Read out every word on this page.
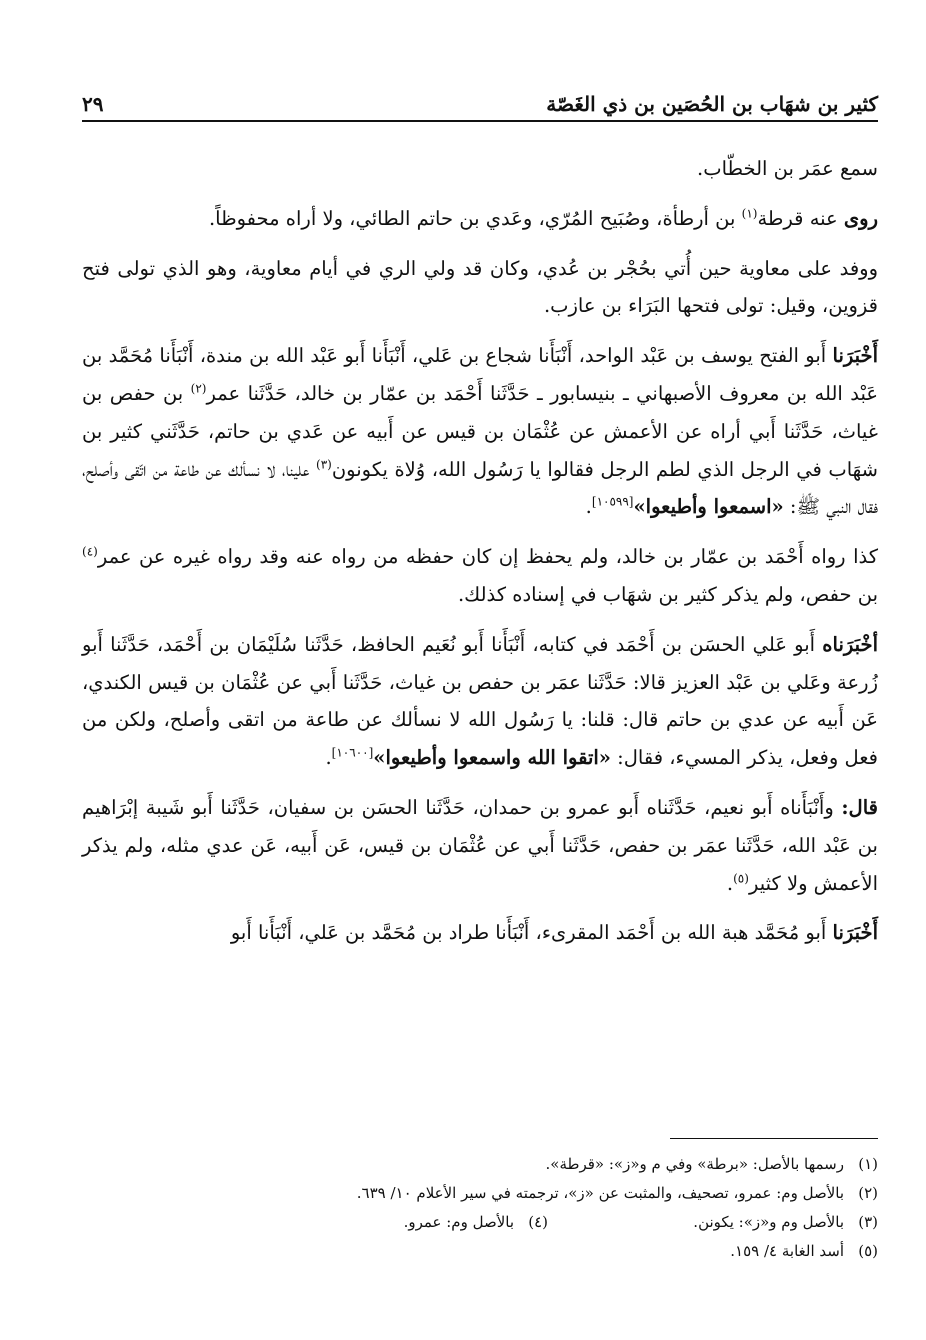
كثير بن شهَاب بن الحُصَين بن ذي الغَصّة
٢٩

سمع عمَر بن الخطّاب.

روى عنه قرطة$^{(١)}$ بن أرطأة، وصُبَيح المُرّي، وعَدي بن حاتم الطائي، ولا أراه محفوظاً.

ووفد على معاوية حين أُتي بحُجْر بن عُدي، وكان قد ولي الري في أيام معاوية، وهو الذي تولى فتح قزوين، وقيل: تولى فتحها البَرَاء بن عازب.

أَخْبَرَنا أَبو الفتح يوسف بن عَبْد الواحد، أَنْبَأَنا شجاع بن عَلي، أَنْبَأَنا أَبو عَبْد الله بن مندة، أَنْبَأَنا مُحَمَّد بن عَبْد الله بن معروف الأصبهاني ـ بنيسابور ـ حَدَّثَنا أَحْمَد بن عمّار بن خالد، حَدَّثَنا عمر$^{(٢)}$ بن حفص بن غياث، حَدَّثَنا أَبي أراه عن الأعمش عن عُثْمَان بن قيس عن أَبيه عن عَدي بن حاتم، حَدَّثَني كثير بن شهَاب في الرجل الذي لطم الرجل فقالوا يا رَسُول الله، وُلاة يكونون$^{(٣)}$ علينا، لا نسألك عن طاعة من اتّقى وأصلح، فقال النبي ﷺ: «اسمعوا وأطيعوا»[١٠٥٩٩].

كذا رواه أَحْمَد بن عمّار بن خالد، ولم يحفظ إن كان حفظه من رواه عنه وقد رواه غيره عن عمر$^{(٤)}$ بن حفص، ولم يذكر كثير بن شهَاب في إسناده كذلك.

أخْبَرَناه أَبو عَلي الحسَن بن أَحْمَد في كتابه، أَنْبَأَنا أَبو نُعَيم الحافظ، حَدَّثَنا سُلَيْمَان بن أَحْمَد، حَدَّثَنا أَبو زُرعة وعَلي بن عَبْد العزيز قالا: حَدَّثَنا عمَر بن حفص بن غياث، حَدَّثَنا أَبي عن عُثْمَان بن قيس الكندي، عَن أَبيه عن عدي بن حاتم قال: قلنا: يا رَسُول الله لا نسألك عن طاعة من اتقى وأصلح، ولكن من فعل وفعل، يذكر المسيء، فقال: «اتقوا الله واسمعوا وأطيعوا»[١٠٦٠٠].

قال: وأَنْبَأَناه أَبو نعيم، حَدَّثَناه أَبو عمرو بن حمدان، حَدَّثَنا الحسَن بن سفيان، حَدَّثَنا أَبو شَيبة إبْرَاهيم بن عَبْد الله، حَدَّثَنا عمَر بن حفص، حَدَّثَنا أَبي عن عُثْمَان بن قيس، عَن أَبيه، عَن عدي مثله، ولم يذكر الأعمش ولا كثير$^{(٥)}$.

أَخْبَرَنا أَبو مُحَمَّد هبة الله بن أَحْمَد المقرىء، أَنْبَأَنا طراد بن مُحَمَّد بن عَلي، أَنْبَأَنا أَبو

(١)
رسمها بالأصل: «برطة» وفي م و«ز»: «قرطة».
(٢)
بالأصل وم: عمرو، تصحيف، والمثبت عن «ز»، ترجمته في سير الأعلام ١٠/ ٦٣٩.
(٣)
بالأصل وم و«ز»: يكونن.
(٤)
بالأصل وم: عمرو.
(٥)
أسد الغابة ٤/ ١٥٩.
